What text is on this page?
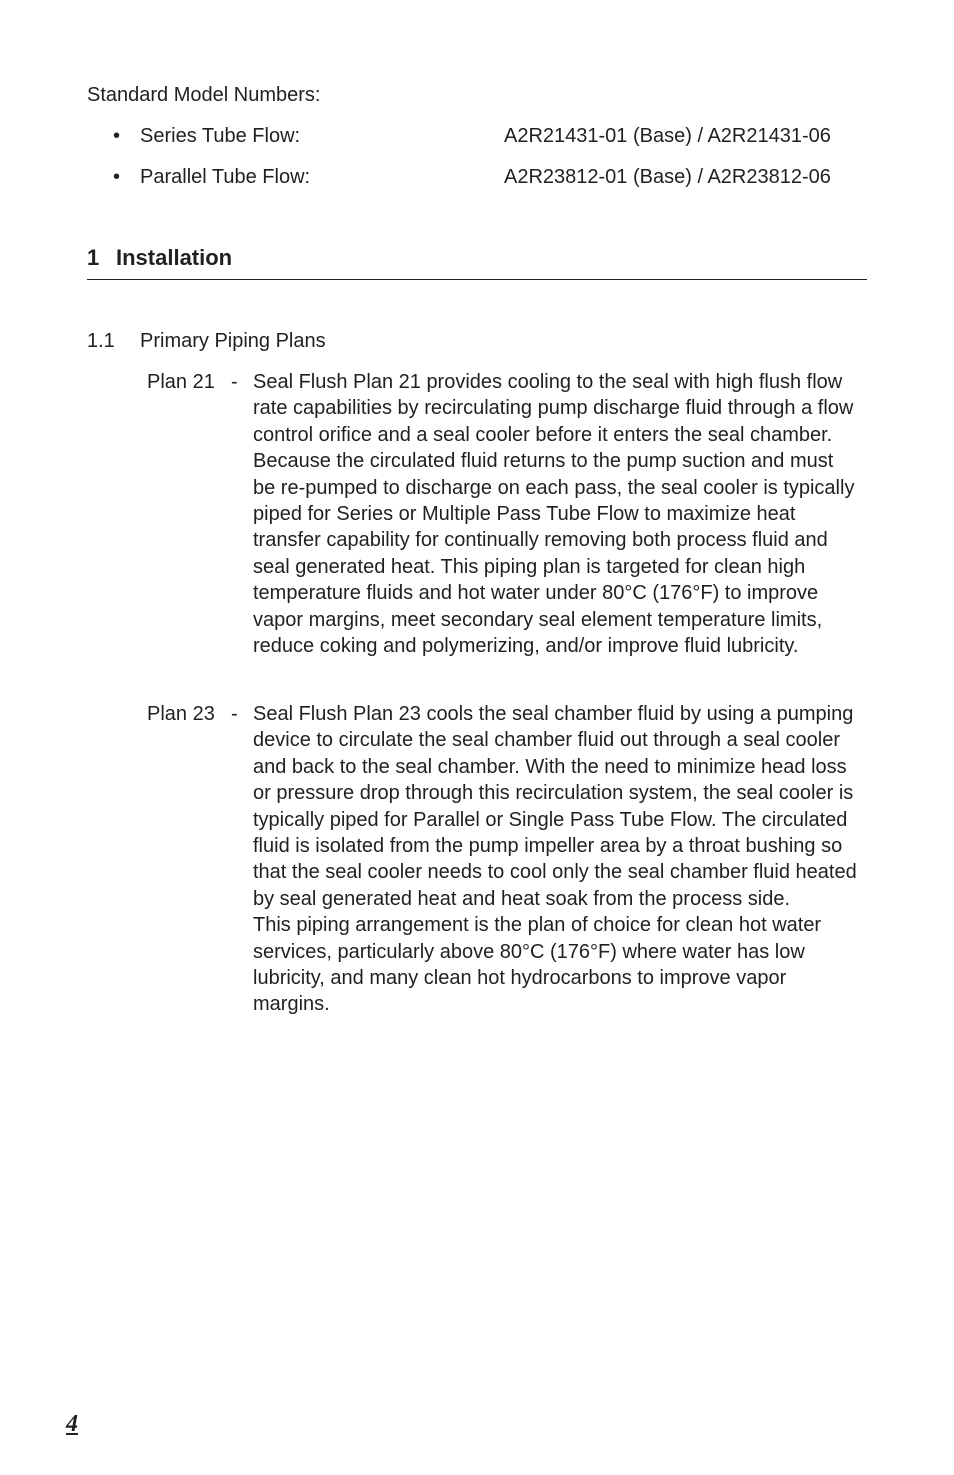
Standard Model Numbers:
• Series Tube Flow:	A2R21431-01 (Base) / A2R21431-06
• Parallel Tube Flow:	A2R23812-01 (Base) / A2R23812-06
1 Installation
1.1 Primary Piping Plans
Plan 21 - Seal Flush Plan 21 provides cooling to the seal with high flush flow rate capabilities by recirculating pump discharge fluid through a flow control orifice and a seal cooler before it enters the seal chamber. Because the circulated fluid returns to the pump suction and must be re-pumped to discharge on each pass, the seal cooler is typically piped for Series or Multiple Pass Tube Flow to maximize heat transfer capability for continually removing both process fluid and seal generated heat. This piping plan is targeted for clean high temperature fluids and hot water under 80°C (176°F) to improve vapor margins, meet secondary seal element temperature limits, reduce coking and polymerizing, and/or improve fluid lubricity.

Plan 23 - Seal Flush Plan 23 cools the seal chamber fluid by using a pumping device to circulate the seal chamber fluid out through a seal cooler and back to the seal chamber. With the need to minimize head loss or pressure drop through this recirculation system, the seal cooler is typically piped for Parallel or Single Pass Tube Flow. The circulated fluid is isolated from the pump impeller area by a throat bushing so that the seal cooler needs to cool only the seal chamber fluid heated by seal generated heat and heat soak from the process side.

This piping arrangement is the plan of choice for clean hot water services, particularly above 80°C (176°F) where water has low lubricity, and many clean hot hydrocarbons to improve vapor margins.

4
